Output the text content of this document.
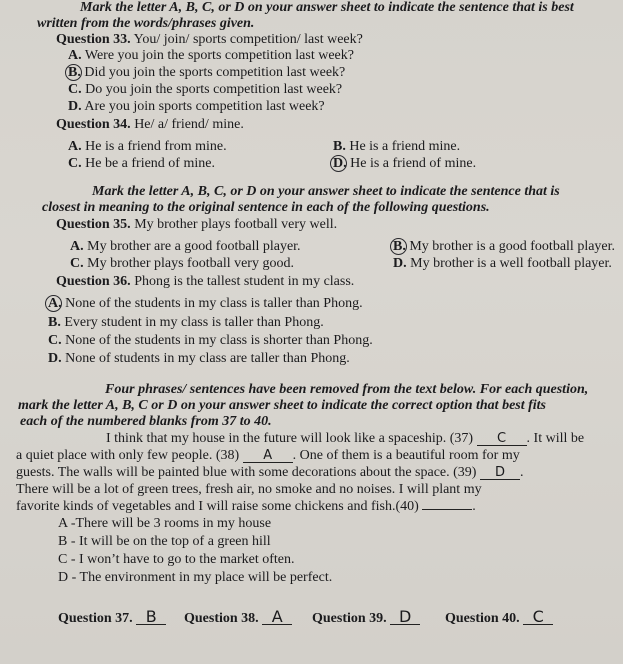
Mark the letter A, B, C, or D on your answer sheet to indicate the sentence that is best
written from the words/phrases given.
Question 33. You/ join/ sports competition/ last week?
A. Were you join the sports competition last week?
B. Did you join the sports competition last week?
C. Do you join the sports competition last week?
D. Are you join sports competition last week?
Question 34. He/ a/ friend/ mine.
A. He is a friend from mine.	B. He is a friend mine.
C. He be a friend of mine.	D. He is a friend of mine.
Mark the letter A, B, C, or D on your answer sheet to indicate the sentence that is
closest in meaning to the original sentence in each of the following questions.
Question 35. My brother plays football very well.
A. My brother are a good football player.	B. My brother is a good football player.
C. My brother plays football very good.	D. My brother is a well football player.
Question 36. Phong is the tallest student in my class.
A. None of the students in my class is taller than Phong.
B. Every student in my class is taller than Phong.
C. None of the students in my class is shorter than Phong.
D. None of students in my class are taller than Phong.
Four phrases/ sentences have been removed from the text below. For each question,
mark the letter A, B, C or D on your answer sheet to indicate the correct option that best fits
each of the numbered blanks from 37 to 40.
I think that my house in the future will look like a spaceship. (37) C . It will be
a quiet place with only few people. (38) A . One of them is a beautiful room for my
guests. The walls will be painted blue with some decorations about the space. (39) D .
There will be a lot of green trees, fresh air, no smoke and no noises. I will plant my
favorite kinds of vegetables and I will raise some chickens and fish.(40)	.
A -There will be 3 rooms in my house
B - It will be on the top of a green hill
C - I won’t have to go to the market often.
D - The environment in my place will be perfect.
Question 37. B	Question 38. A	Question 39. D	Question 40. C
